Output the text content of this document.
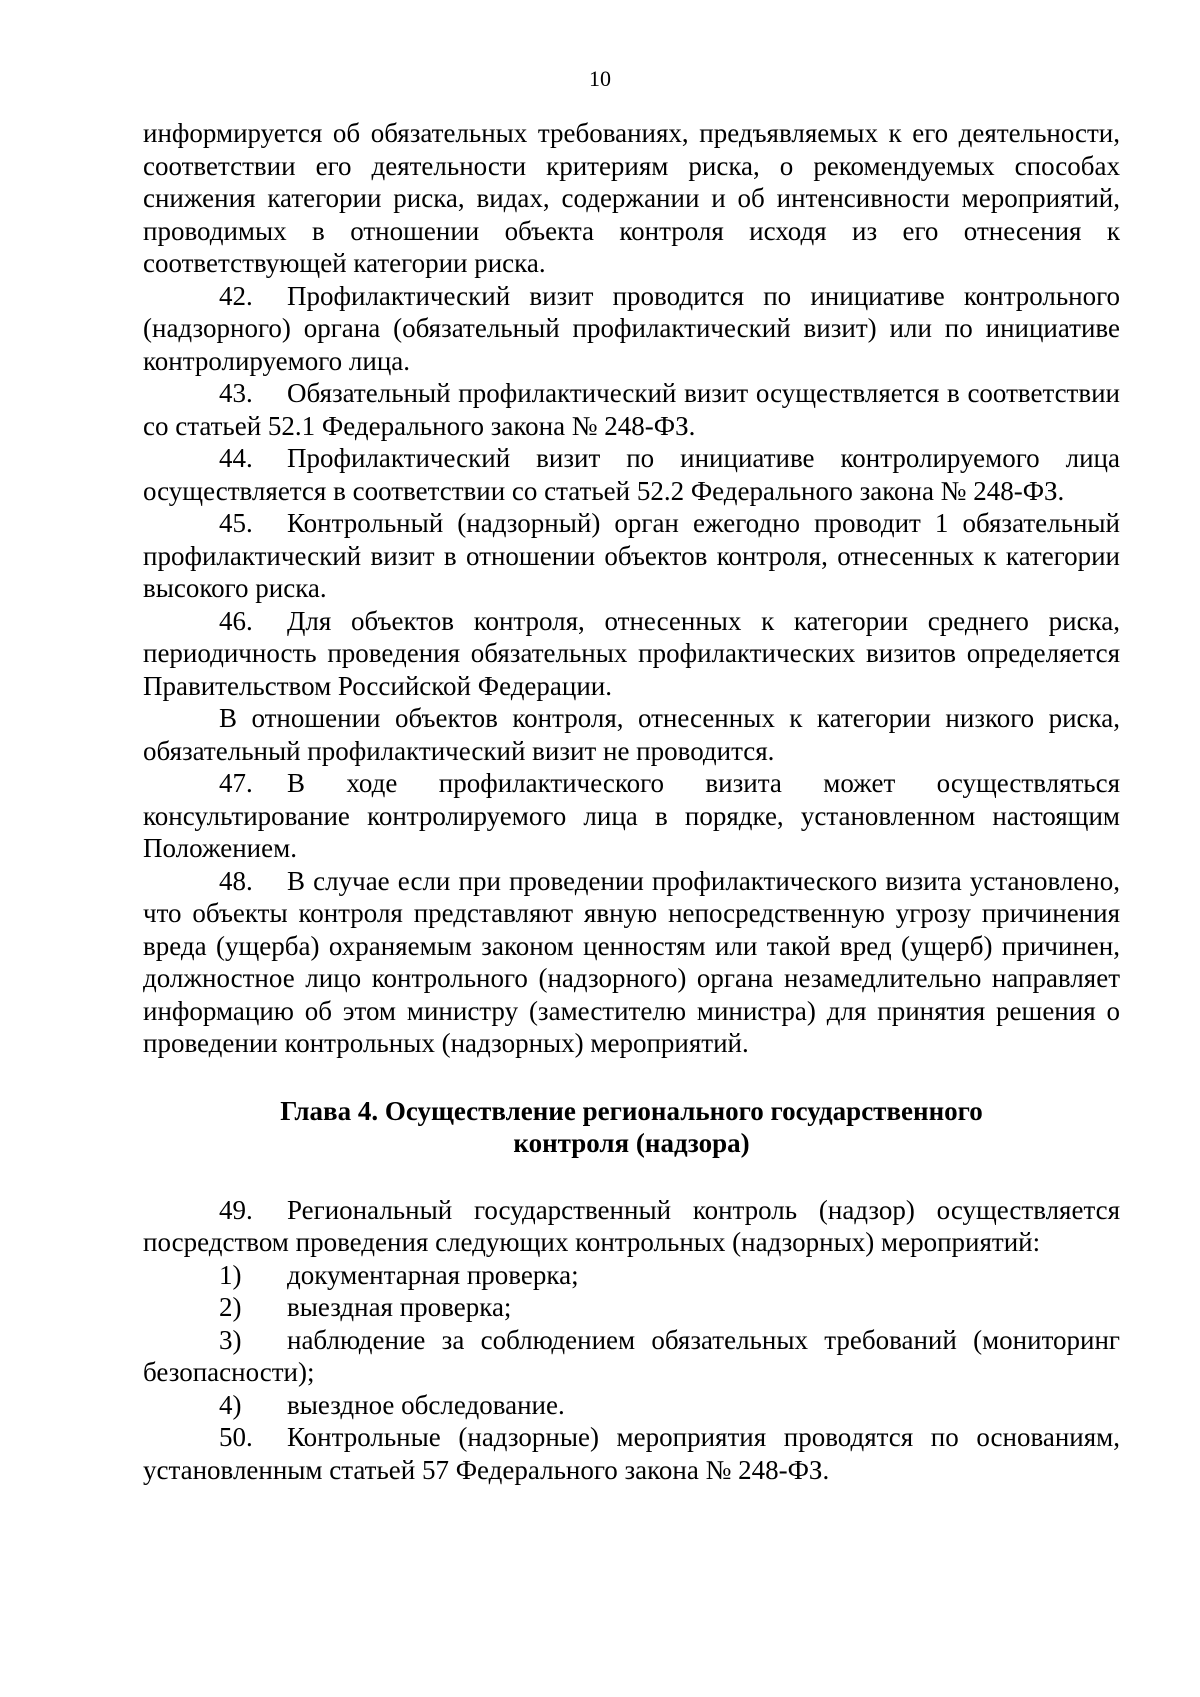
10

информируется об обязательных требованиях, предъявляемых к его деятельности, соответствии его деятельности критериям риска, о рекомендуемых способах снижения категории риска, видах, содержании и об интенсивности мероприятий, проводимых в отношении объекта контроля исходя из его отнесения к соответствующей категории риска.

42. Профилактический визит проводится по инициативе контрольного (надзорного) органа (обязательный профилактический визит) или по инициативе контролируемого лица.

43. Обязательный профилактический визит осуществляется в соответствии со статьей 52.1 Федерального закона № 248-ФЗ.

44. Профилактический визит по инициативе контролируемого лица осуществляется в соответствии со статьей 52.2 Федерального закона № 248-ФЗ.

45. Контрольный (надзорный) орган ежегодно проводит 1 обязательный профилактический визит в отношении объектов контроля, отнесенных к категории высокого риска.

46. Для объектов контроля, отнесенных к категории среднего риска, периодичность проведения обязательных профилактических визитов определяется Правительством Российской Федерации.

В отношении объектов контроля, отнесенных к категории низкого риска, обязательный профилактический визит не проводится.

47. В ходе профилактического визита может осуществляться консультирование контролируемого лица в порядке, установленном настоящим Положением.

48. В случае если при проведении профилактического визита установлено, что объекты контроля представляют явную непосредственную угрозу причинения вреда (ущерба) охраняемым законом ценностям или такой вред (ущерб) причинен, должностное лицо контрольного (надзорного) органа незамедлительно направляет информацию об этом министру (заместителю министра) для принятия решения о проведении контрольных (надзорных) мероприятий.

Глава 4. Осуществление регионального государственного контроля (надзора)

49. Региональный государственный контроль (надзор) осуществляется посредством проведения следующих контрольных (надзорных) мероприятий:

1) документарная проверка;

2) выездная проверка;

3) наблюдение за соблюдением обязательных требований (мониторинг безопасности);

4) выездное обследование.

50. Контрольные (надзорные) мероприятия проводятся по основаниям, установленным статьей 57 Федерального закона № 248-ФЗ.
